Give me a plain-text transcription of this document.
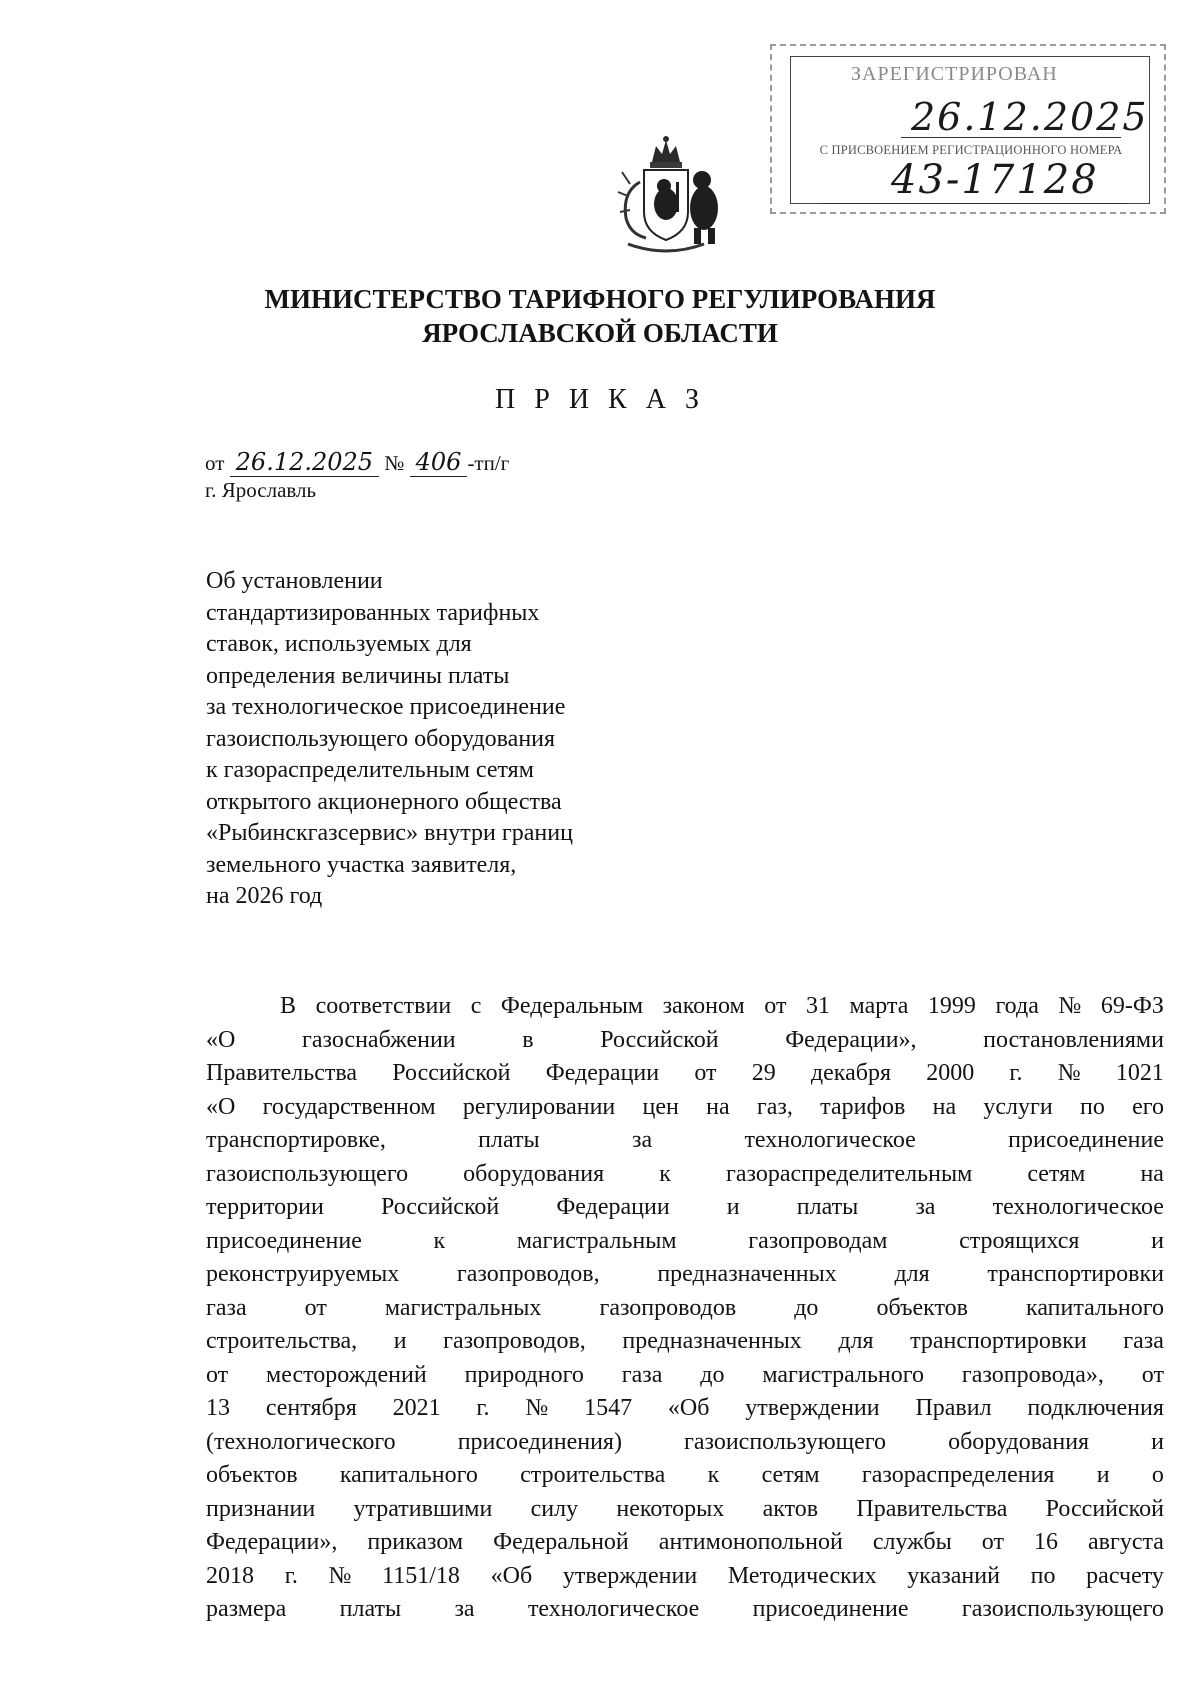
ЗАРЕГИСТРИРОВАН
26.12.2025
С ПРИСВОЕНИЕМ РЕГИСТРАЦИОННОГО НОМЕРА
43-17128
МИНИСТЕРСТВО ТАРИФНОГО РЕГУЛИРОВАНИЯ
ЯРОСЛАВСКОЙ ОБЛАСТИ
П Р И К А З
от 26.12.2025 № 406 -тп/г
г. Ярославль
Об установлении
стандартизированных тарифных
ставок, используемых для
определения величины платы
за технологическое присоединение
газоиспользующего оборудования
к газораспределительным сетям
открытого акционерного общества
«Рыбинскгазсервис» внутри границ
земельного участка заявителя,
на 2026 год
В соответствии с Федеральным законом от 31 марта 1999 года № 69-ФЗ
«О	газоснабжении	в	Российской	Федерации»,	постановлениями
Правительства Российской Федерации от 29 декабря 2000 г. № 1021
«О государственном регулировании цен на газ, тарифов на услуги по его
транспортировке,	платы	за	технологическое	присоединение
газоиспользующего оборудования к газораспределительным сетям на
территории Российской Федерации и платы за технологическое
присоединение	к	магистральным	газопроводам	строящихся	и
реконструируемых газопроводов, предназначенных для транспортировки
газа от магистральных газопроводов до объектов капитального
строительства, и газопроводов, предназначенных для транспортировки газа
от месторождений природного газа до магистрального газопровода», от
13 сентября 2021 г. № 1547 «Об утверждении Правил подключения
(технологического	присоединения)	газоиспользующего	оборудования	и
объектов капитального строительства к сетям газораспределения и о
признании утратившими силу некоторых актов Правительства Российской
Федерации», приказом Федеральной антимонопольной службы от 16 августа
2018 г. № 1151/18 «Об утверждении Методических указаний по расчету
размера платы за технологическое присоединение газоиспользующего
